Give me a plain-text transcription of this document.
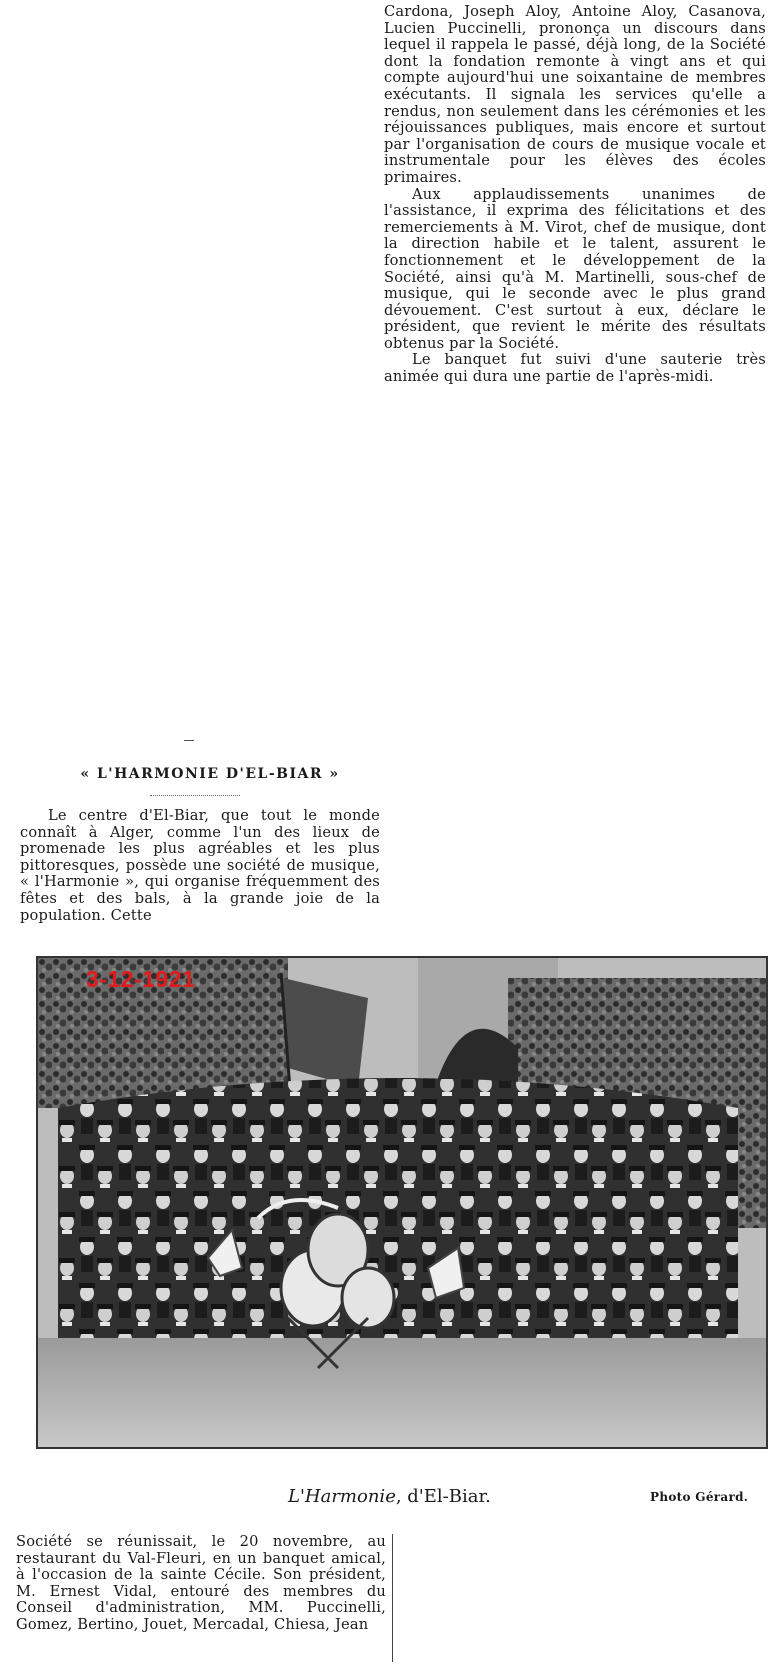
Cardona, Joseph Aloy, Antoine Aloy, Casanova, Lucien Puccinelli, prononça un discours dans lequel il rappela le passé, déjà long, de la Société dont la fondation remonte à vingt ans et qui compte aujourd'hui une soixantaine de membres exécutants. Il signala les services qu'elle a rendus, non seulement dans les cérémonies et les réjouissances publiques, mais encore et surtout par l'organisation de cours de musique vocale et instrumentale pour les élèves des écoles primaires.

Aux applaudissements unanimes de l'assistance, il exprima des félicitations et des remerciements à M. Virot, chef de musique, dont la direction habile et le talent, assurent le fonctionnement et le développement de la Société, ainsi qu'à M. Martinelli, sous-chef de musique, qui le seconde avec le plus grand dévouement. C'est surtout à eux, déclare le président, que revient le mérite des résultats obtenus par la Société.

Le banquet fut suivi d'une sauterie très animée qui dura une partie de l'après-midi.

« L'HARMONIE D'EL-BIAR »

Le centre d'El-Biar, que tout le monde connaît à Alger, comme l'un des lieux de promenade les plus agréables et les plus pittoresques, possède une société de musique, « l'Harmonie », qui organise fréquemment des fêtes et des bals, à la grande joie de la population. Cette

3-12-1921
L'Harmonie, d'El-Biar.	Photo Gérard.

Société se réunissait, le 20 novembre, au restaurant du Val-Fleuri, en un banquet amical, à l'occasion de la sainte Cécile. Son président, M. Ernest Vidal, entouré des membres du Conseil d'administration, MM. Puccinelli, Gomez, Bertino, Jouet, Mercadal, Chiesa, Jean
